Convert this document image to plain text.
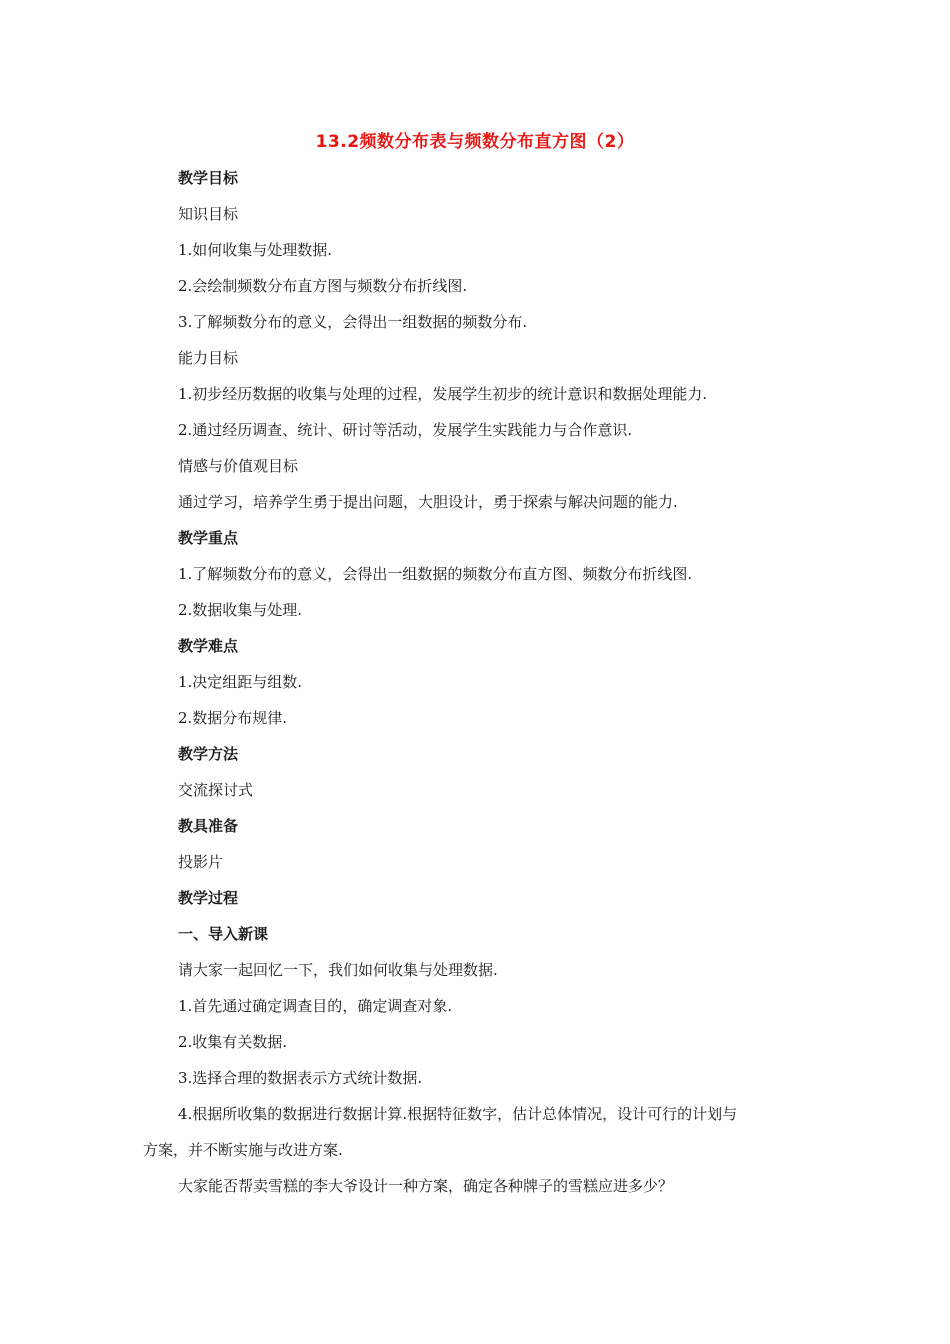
13.2频数分布表与频数分布直方图（2）
教学目标
知识目标
1.如何收集与处理数据.
2.会绘制频数分布直方图与频数分布折线图.
3.了解频数分布的意义，会得出一组数据的频数分布.
能力目标
1.初步经历数据的收集与处理的过程，发展学生初步的统计意识和数据处理能力.
2.通过经历调查、统计、研讨等活动，发展学生实践能力与合作意识.
情感与价值观目标
通过学习，培养学生勇于提出问题，大胆设计，勇于探索与解决问题的能力.
教学重点
1.了解频数分布的意义，会得出一组数据的频数分布直方图、频数分布折线图.
2.数据收集与处理.
教学难点
1.决定组距与组数.
2.数据分布规律.
教学方法
交流探讨式
教具准备
投影片
教学过程
一、导入新课
请大家一起回忆一下，我们如何收集与处理数据.
1.首先通过确定调查目的，确定调查对象.
2.收集有关数据.
3.选择合理的数据表示方式统计数据.
4.根据所收集的数据进行数据计算.根据特征数字，估计总体情况，设计可行的计划与
方案，并不断实施与改进方案.
大家能否帮卖雪糕的李大爷设计一种方案，确定各种牌子的雪糕应进多少？
